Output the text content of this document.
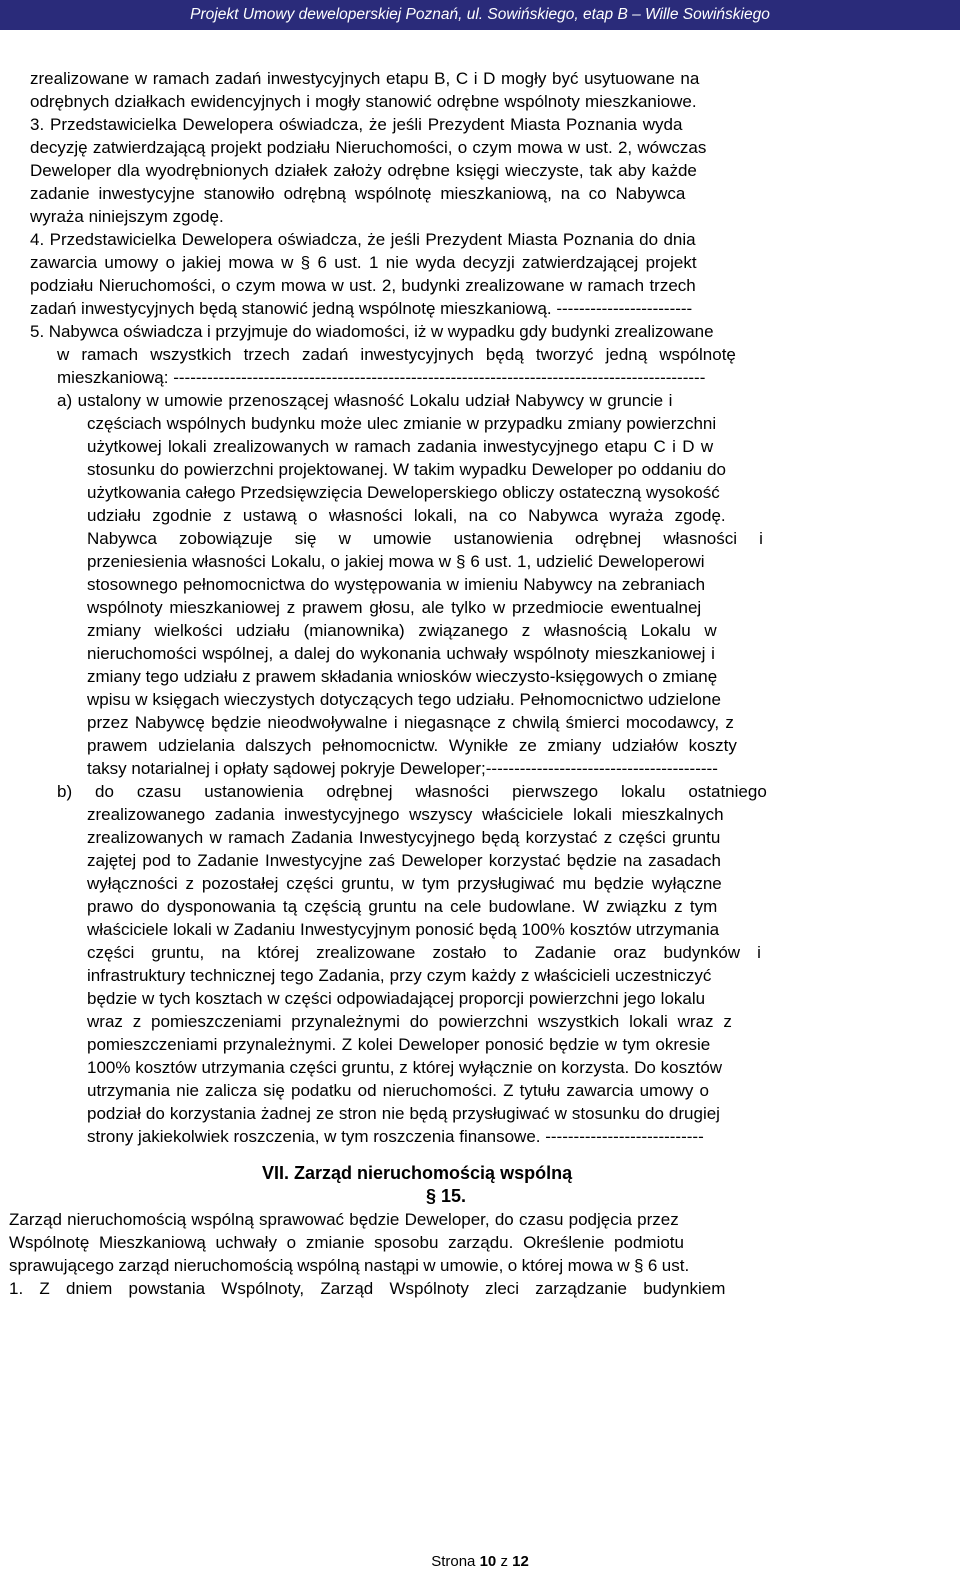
Projekt Umowy deweloperskiej Poznań, ul. Sowińskiego, etap B – Wille Sowińskiego
zrealizowane w ramach zadań inwestycyjnych etapu B, C i D mogły być usytuowane na
odrębnych działkach ewidencyjnych i mogły stanowić odrębne wspólnoty mieszkaniowe.
3. Przedstawicielka Dewelopera oświadcza, że jeśli Prezydent Miasta Poznania wyda
decyzję zatwierdzającą projekt podziału Nieruchomości, o czym mowa w ust. 2, wówczas
Deweloper dla wyodrębnionych działek założy odrębne księgi wieczyste, tak aby każde
zadanie inwestycyjne stanowiło odrębną wspólnotę mieszkaniową, na co Nabywca
wyraża niniejszym zgodę.
4. Przedstawicielka Dewelopera oświadcza, że jeśli Prezydent Miasta Poznania do dnia
zawarcia umowy o jakiej mowa w § 6 ust. 1 nie wyda decyzji zatwierdzającej projekt
podziału Nieruchomości, o czym mowa w ust. 2, budynki zrealizowane w ramach trzech
zadań inwestycyjnych będą stanowić jedną wspólnotę mieszkaniową. ------------------------
5. Nabywca oświadcza i przyjmuje do wiadomości, iż w wypadku gdy budynki zrealizowane
w ramach wszystkich trzech zadań inwestycyjnych będą tworzyć jedną wspólnotę
mieszkaniową: ----------------------------------------------------------------------------------------------
a) ustalony w umowie przenoszącej własność Lokalu udział Nabywcy w gruncie i
częściach wspólnych budynku może ulec zmianie w przypadku zmiany powierzchni
użytkowej lokali zrealizowanych w ramach zadania inwestycyjnego etapu C i D w
stosunku do powierzchni projektowanej. W takim wypadku Deweloper po oddaniu do
użytkowania całego Przedsięwzięcia Deweloperskiego obliczy ostateczną wysokość
udziału zgodnie z ustawą o własności lokali, na co Nabywca wyraża zgodę.
Nabywca zobowiązuje się w umowie ustanowienia odrębnej własności i
przeniesienia własności Lokalu, o jakiej mowa w § 6 ust. 1, udzielić Deweloperowi
stosownego pełnomocnictwa do występowania w imieniu Nabywcy na zebraniach
wspólnoty mieszkaniowej z prawem głosu, ale tylko w przedmiocie ewentualnej
zmiany wielkości udziału (mianownika) związanego z własnością Lokalu w
nieruchomości wspólnej, a dalej do wykonania uchwały wspólnoty mieszkaniowej i
zmiany tego udziału z prawem składania wniosków wieczysto-księgowych o zmianę
wpisu w księgach wieczystych dotyczących tego udziału. Pełnomocnictwo udzielone
przez Nabywcę będzie nieodwoływalne i niegasnące z chwilą śmierci mocodawcy, z
prawem udzielania dalszych pełnomocnictw. Wynikłe ze zmiany udziałów koszty
taksy notarialnej i opłaty sądowej pokryje Deweloper;-----------------------------------------
b) do czasu ustanowienia odrębnej własności pierwszego lokalu ostatniego
zrealizowanego zadania inwestycyjnego wszyscy właściciele lokali mieszkalnych
zrealizowanych w ramach Zadania Inwestycyjnego będą korzystać z części gruntu
zajętej pod to Zadanie Inwestycyjne zaś Deweloper korzystać będzie na zasadach
wyłączności z pozostałej części gruntu, w tym przysługiwać mu będzie wyłączne
prawo do dysponowania tą częścią gruntu na cele budowlane. W związku z tym
właściciele lokali w Zadaniu Inwestycyjnym ponosić będą 100% kosztów utrzymania
części gruntu, na której zrealizowane zostało to Zadanie oraz budynków i
infrastruktury technicznej tego Zadania, przy czym każdy z właścicieli uczestniczyć
będzie w tych kosztach w części odpowiadającej proporcji powierzchni jego lokalu
wraz z pomieszczeniami przynależnymi do powierzchni wszystkich lokali wraz z
pomieszczeniami przynależnymi. Z kolei Deweloper ponosić będzie w tym okresie
100% kosztów utrzymania części gruntu, z której wyłącznie on korzysta. Do kosztów
utrzymania nie zalicza się podatku od nieruchomości. Z tytułu zawarcia umowy o
podział do korzystania żadnej ze stron nie będą przysługiwać w stosunku do drugiej
strony jakiekolwiek roszczenia, w tym roszczenia finansowe. ----------------------------
VII. Zarząd nieruchomością wspólną
§ 15.
Zarząd nieruchomością wspólną sprawować będzie Deweloper, do czasu podjęcia przez
Wspólnotę Mieszkaniową uchwały o zmianie sposobu zarządu. Określenie podmiotu
sprawującego zarząd nieruchomością wspólną nastąpi w umowie, o której mowa w § 6 ust.
1. Z dniem powstania Wspólnoty, Zarząd Wspólnoty zleci zarządzanie budynkiem
Strona 10 z 12
